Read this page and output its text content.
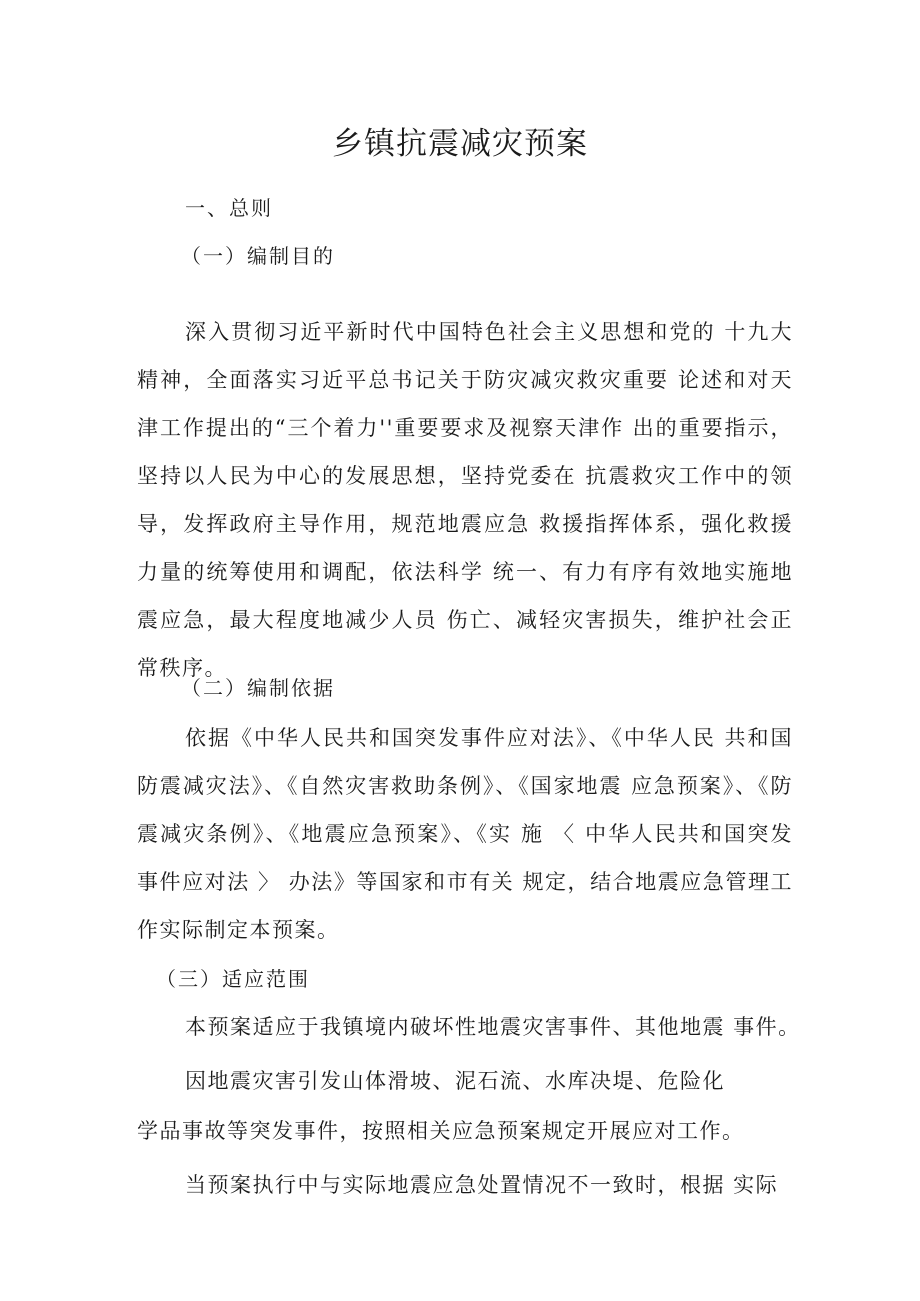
乡镇抗震减灾预案

一、总则

（一）编制目的

深入贯彻习近平新时代中国特色社会主义思想和党的 十九大精神，全面落实习近平总书记关于防灾减灾救灾重要 论述和对天津工作提出的“三个着力''重要要求及视察天津作 出的重要指示，坚持以人民为中心的发展思想，坚持党委在 抗震救灾工作中的领导，发挥政府主导作用，规范地震应急 救援指挥体系，强化救援力量的统筹使用和调配，依法科学 统一、有力有序有效地实施地震应急，最大程度地减少人员 伤亡、减轻灾害损失，维护社会正常秩序。

（二）编制依据

依据《中华人民共和国突发事件应对法》、《中华人民 共和国防震减灾法》、《自然灾害救助条例》、《国家地震 应急预案》、《防震减灾条例》、《地震应急预案》、《实 施 〈 中华人民共和国突发事件应对法 〉 办法》等国家和市有关 规定，结合地震应急管理工作实际制定本预案。

（三）适应范围

本预案适应于我镇境内破坏性地震灾害事件、其他地震 事件。

因地震灾害引发山体滑坡、泥石流、水库决堤、危险化

学品事故等突发事件，按照相关应急预案规定开展应对工作。

当预案执行中与实际地震应急处置情况不一致时，根据 实际
